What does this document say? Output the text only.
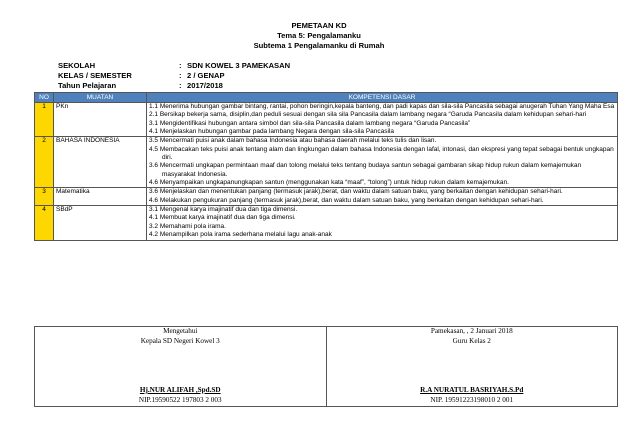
PEMETAAN KD
Tema 5: Pengalamanku
Subtema 1 Pengalamanku di Rumah
SEKOLAH	: SDN KOWEL 3 PAMEKASAN
KELAS / SEMESTER	: 2 / GENAP
Tahun Pelajaran	: 2017/2018
NO	MUATAN	KOMPETENSI DASAR
1	PKn	1.1 Menerima hubungan gambar bintang, rantai, pohon beringin,kepala banteng, dan padi kapas dan sila-sila Pancasila sebagai anugerah Tuhan Yang Maha Esa
2.1 Bersikap bekerja sama, disiplin,dan peduli sesuai dengan sila sila Pancasila dalam lambang negara “Garuda Pancasila dalam kehidupan sehari-hari
3.1 Mengidentifikasi hubungan antara simbol dan sila-sila Pancasila dalam lambang negara “Garuda Pancasila”
4.1 Menjelaskan hubungan gambar pada lambang Negara dengan sila-sila Pancasila

2	BAHASA INDONESIA	3.5 Mencermati puisi anak dalam bahasa Indonesia atau bahasa daerah melalui teks tulis dan lisan.
4.5 Membacakan teks puisi anak tentang alam dan lingkungan dalam bahasa Indonesia dengan lafal, intonasi, dan ekspresi yang tepat sebagai bentuk ungkapan diri.
3.6 Mencermati ungkapan permintaan maaf dan tolong melalui teks tentang budaya santun sebagai gambaran sikap hidup rukun dalam kemajemukan masyarakat Indonesia.
4.6 Menyampaikan ungkapanungkapan santun (menggunakan kata “maaf”, “tolong”) untuk hidup rukun dalam kemajemukan.

3	Matematika	3.6 Menjelaskan dan menentukan panjang (termasuk jarak),berat, dan waktu dalam satuan baku, yang berkaitan dengan kehidupan sehari-hari.
4.6 Melakukan pengukuran panjang (termasuk jarak),berat, dan waktu dalam satuan baku, yang berkaitan dengan kehidupan sehari-hari.

4	SBdP	3.1 Mengenal karya imajinatif dua dan tiga dimensi.
4.1 Membuat karya imajinatif dua dan tiga dimensi.
3.2 Memahami pola irama.
4.2 Menampilkan pola irama sederhana melalui lagu anak-anak
Mengetahui
Kepala SD Negeri Kowel 3
Hj.NUR ALIFAH ,Spd.SD
NIP.19590522 197803 2 003

Pamekasan, , 2 Januari 2018
Guru Kelas 2
R.A NURATUL BASRIYAH.S.Pd
NIP. 19591223198010 2 001
